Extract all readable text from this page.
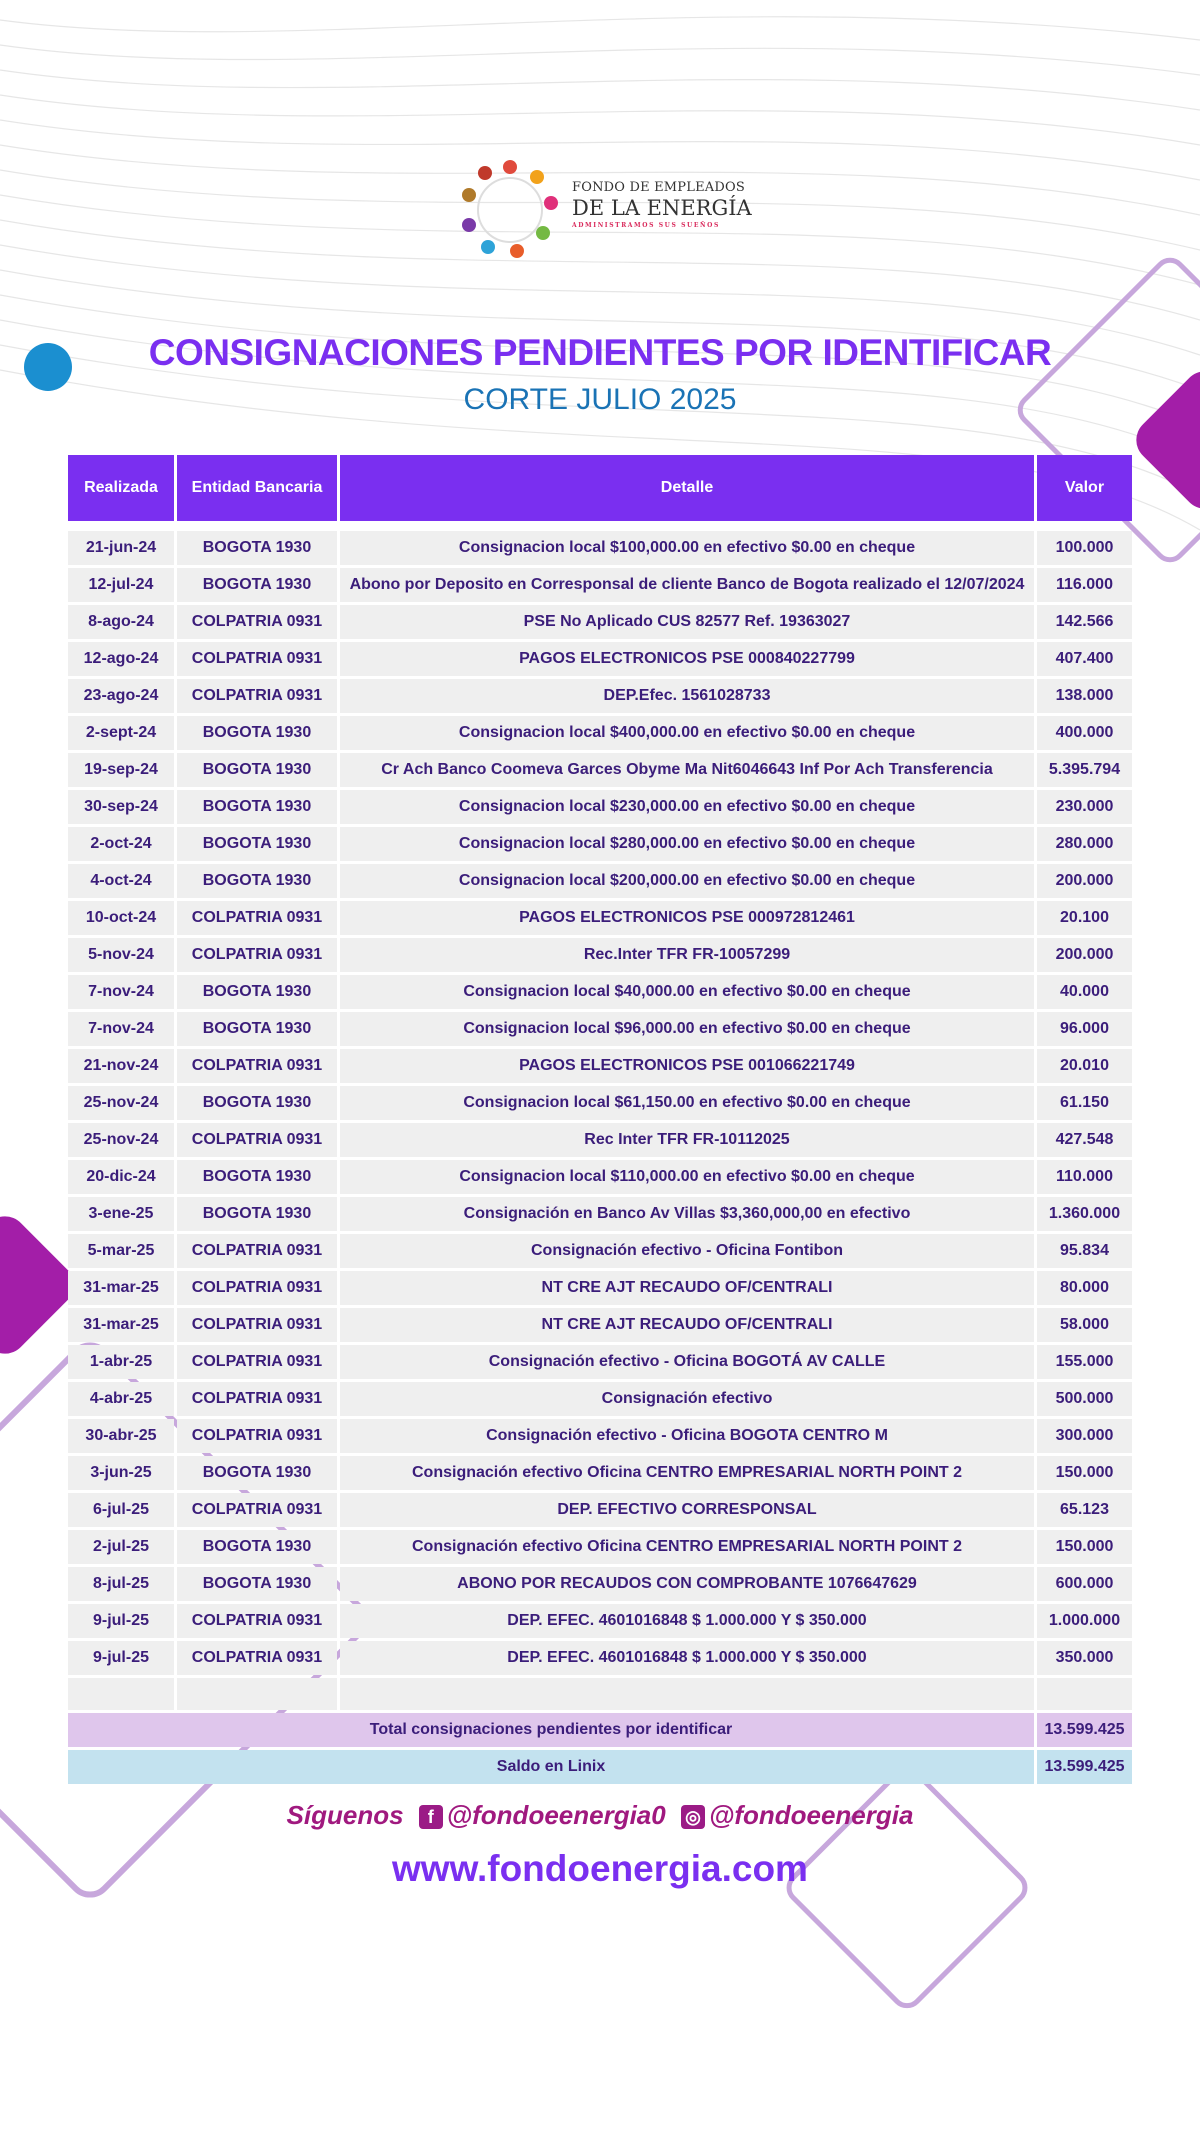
FONDO DE EMPLEADOS
DE LA ENERGÍA
ADMINISTRAMOS SUS SUEÑOS
CONSIGNACIONES PENDIENTES POR IDENTIFICAR
CORTE JULIO 2025
Realizada	Entidad Bancaria	Detalle	Valor

21-jun-24	BOGOTA 1930	Consignacion local $100,000.00 en efectivo $0.00 en cheque	100.000
12-jul-24	BOGOTA 1930	Abono por Deposito en Corresponsal de cliente Banco de Bogota realizado el 12/07/2024	116.000
8-ago-24	COLPATRIA 0931	PSE No Aplicado CUS 82577 Ref. 19363027	142.566
12-ago-24	COLPATRIA 0931	PAGOS ELECTRONICOS PSE 000840227799	407.400
23-ago-24	COLPATRIA 0931	DEP.Efec. 1561028733	138.000
2-sept-24	BOGOTA 1930	Consignacion local $400,000.00 en efectivo $0.00 en cheque	400.000
19-sep-24	BOGOTA 1930	Cr Ach Banco Coomeva Garces Obyme Ma Nit6046643 Inf Por Ach Transferencia	5.395.794
30-sep-24	BOGOTA 1930	Consignacion local $230,000.00 en efectivo $0.00 en cheque	230.000
2-oct-24	BOGOTA 1930	Consignacion local $280,000.00 en efectivo $0.00 en cheque	280.000
4-oct-24	BOGOTA 1930	Consignacion local $200,000.00 en efectivo $0.00 en cheque	200.000
10-oct-24	COLPATRIA 0931	PAGOS ELECTRONICOS PSE 000972812461	20.100
5-nov-24	COLPATRIA 0931	Rec.Inter TFR FR-10057299	200.000
7-nov-24	BOGOTA 1930	Consignacion local $40,000.00 en efectivo $0.00 en cheque	40.000
7-nov-24	BOGOTA 1930	Consignacion local $96,000.00 en efectivo $0.00 en cheque	96.000
21-nov-24	COLPATRIA 0931	PAGOS ELECTRONICOS PSE 001066221749	20.010
25-nov-24	BOGOTA 1930	Consignacion local $61,150.00 en efectivo $0.00 en cheque	61.150
25-nov-24	COLPATRIA 0931	Rec Inter TFR FR-10112025	427.548
20-dic-24	BOGOTA 1930	Consignacion local $110,000.00 en efectivo $0.00 en cheque	110.000
3-ene-25	BOGOTA 1930	Consignación en Banco Av Villas $3,360,000,00 en efectivo	1.360.000
5-mar-25	COLPATRIA 0931	Consignación efectivo - Oficina Fontibon	95.834
31-mar-25	COLPATRIA 0931	NT CRE AJT RECAUDO OF/CENTRALI	80.000
31-mar-25	COLPATRIA 0931	NT CRE AJT RECAUDO OF/CENTRALI	58.000
1-abr-25	COLPATRIA 0931	Consignación efectivo - Oficina BOGOTÁ AV CALLE	155.000
4-abr-25	COLPATRIA 0931	Consignación efectivo	500.000
30-abr-25	COLPATRIA 0931	Consignación efectivo - Oficina BOGOTA CENTRO M	300.000
3-jun-25	BOGOTA 1930	Consignación efectivo Oficina CENTRO EMPRESARIAL NORTH POINT 2	150.000
6-jul-25	COLPATRIA 0931	DEP. EFECTIVO CORRESPONSAL	65.123
2-jul-25	BOGOTA 1930	Consignación efectivo Oficina CENTRO EMPRESARIAL NORTH POINT 2	150.000
8-jul-25	BOGOTA 1930	ABONO POR RECAUDOS CON COMPROBANTE 1076647629	600.000
9-jul-25	COLPATRIA 0931	DEP. EFEC. 4601016848 $ 1.000.000 Y $ 350.000	1.000.000
9-jul-25	COLPATRIA 0931	DEP. EFEC. 4601016848 $ 1.000.000 Y $ 350.000	350.000

Total consignaciones pendientes por identificar			13.599.425
Saldo en Linix			13.599.425
Síguenos f @fondoeenergia0 ◎ @fondoeenergia
www.fondoenergia.com
